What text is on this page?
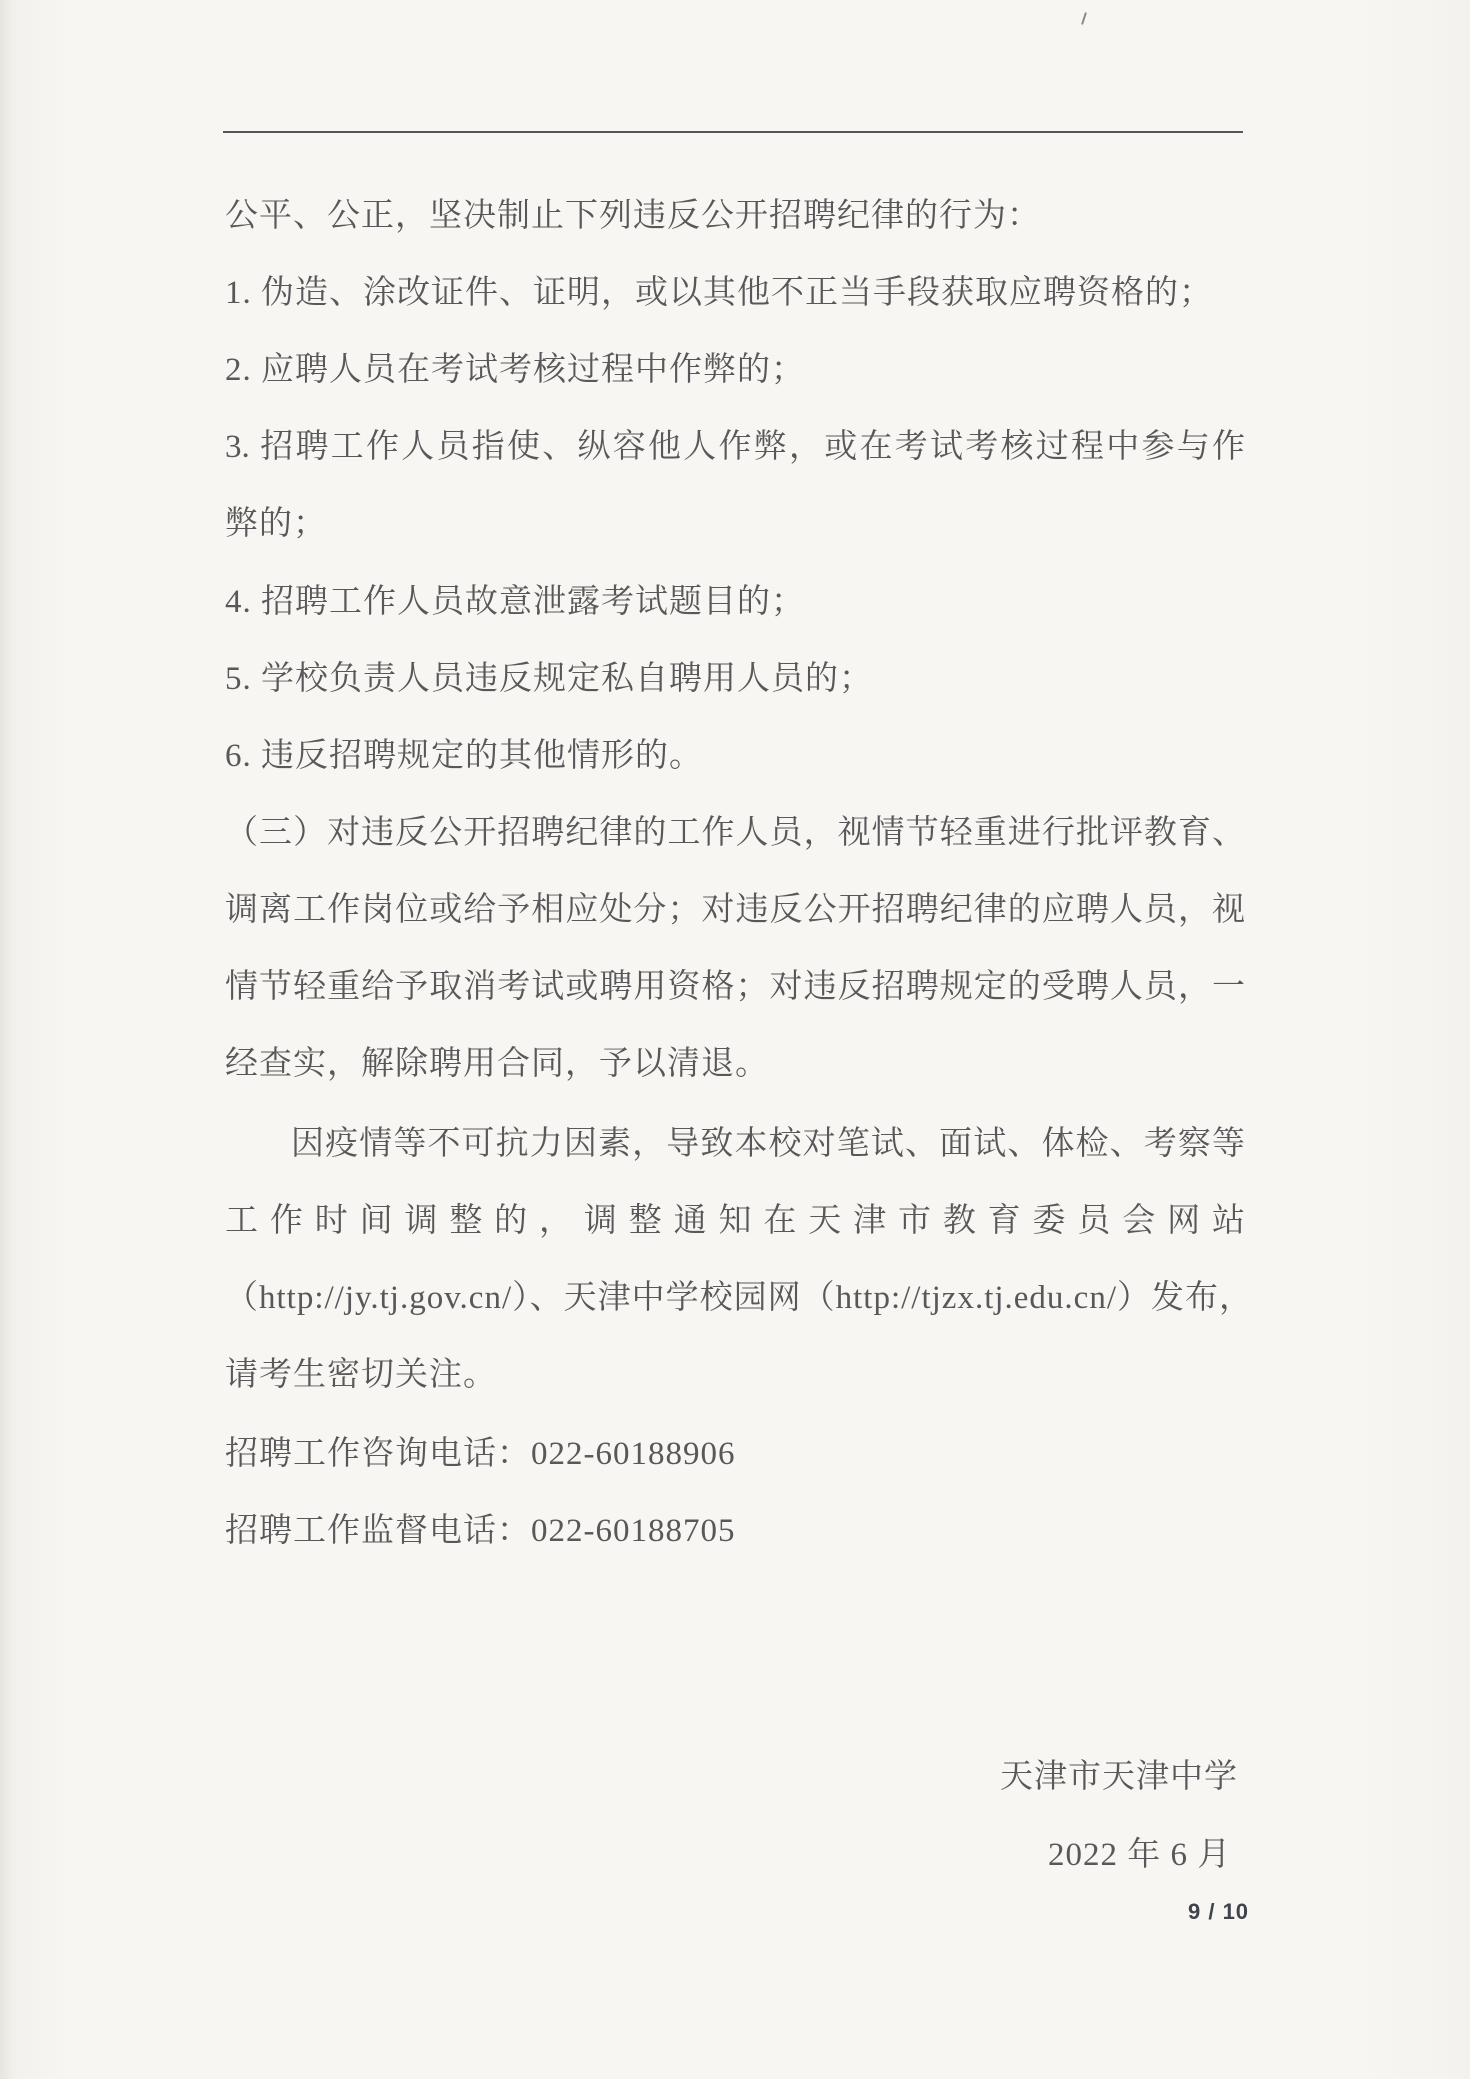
公平、公正，坚决制止下列违反公开招聘纪律的行为：
1. 伪造、涂改证件、证明，或以其他不正当手段获取应聘资格的；
2. 应聘人员在考试考核过程中作弊的；
3. 招聘工作人员指使、纵容他人作弊，或在考试考核过程中参与作
弊的；
4. 招聘工作人员故意泄露考试题目的；
5. 学校负责人员违反规定私自聘用人员的；
6. 违反招聘规定的其他情形的。
（三）对违反公开招聘纪律的工作人员，视情节轻重进行批评教育、
调离工作岗位或给予相应处分；对违反公开招聘纪律的应聘人员，视
情节轻重给予取消考试或聘用资格；对违反招聘规定的受聘人员，一
经查实，解除聘用合同，予以清退。
因疫情等不可抗力因素，导致本校对笔试、面试、体检、考察等
工作时间调整的，调整通知在天津市教育委员会网站
（http://jy.tj.gov.cn/）、天津中学校园网（http://tjzx.tj.edu.cn/）发布，
请考生密切关注。
招聘工作咨询电话：022-60188906
招聘工作监督电话：022-60188705
天津市天津中学
2022 年 6 月
9 / 10
